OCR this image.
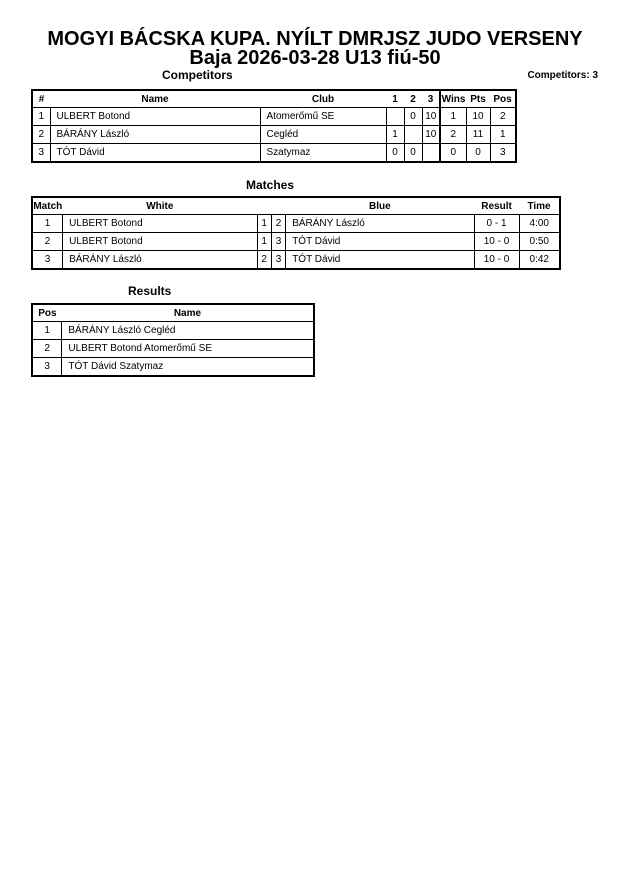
MOGYI BÁCSKA KUPA. NYÍLT DMRJSZ JUDO VERSENY
Baja 2026-03-28 U13 fiú-50
Competitors	Competitors: 3
#	Name	Club	1	2	3	Wins	Pts	Pos
1	ULBERT Botond	Atomerőmű SE		0	10	1	10	2
2	BÁRÁNY László	Cegléd	1		10	2	11	1
3	TÓT Dávid	Szatymaz	0	0		0	0	3
Matches
Match	White			Blue	Result	Time
1	ULBERT Botond	1	2	BÁRÁNY László	0 - 1	4:00
2	ULBERT Botond	1	3	TÓT Dávid	10 - 0	0:50
3	BÁRÁNY László	2	3	TÓT Dávid	10 - 0	0:42
Results
Pos	Name
1	BÁRÁNY László Cegléd
2	ULBERT Botond Atomerőmű SE
3	TÓT Dávid Szatymaz
